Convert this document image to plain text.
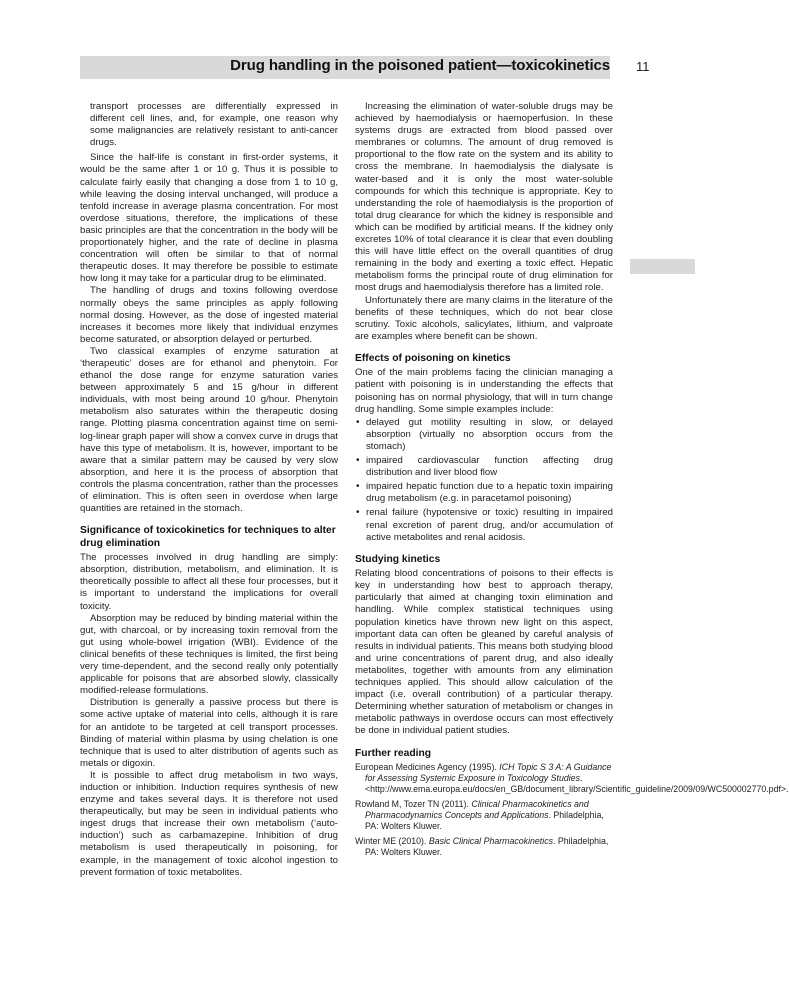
Drug handling in the poisoned patient—toxicokinetics 11

transport processes are differentially expressed in different cell lines, and, for example, one reason why some malignancies are relatively resistant to anti-cancer drugs.

Since the half-life is constant in first-order systems, it would be the same after 1 or 10 g. Thus it is possible to calculate fairly easily that changing a dose from 1 to 10 g, while leaving the dosing interval unchanged, will produce a tenfold increase in average plasma concentration. For most overdose situations, therefore, the implications of these basic principles are that the concentration in the body will be proportionately higher, and the rate of decline in plasma concentration will often be similar to that of normal therapeutic doses. It may therefore be possible to estimate how long it may take for a particular drug to be eliminated.

The handling of drugs and toxins following overdose normally obeys the same principles as apply following normal dosing. However, as the dose of ingested material increases it becomes more likely that individual enzymes become saturated, or absorption delayed or perturbed.

Two classical examples of enzyme saturation at ‘therapeutic’ doses are for ethanol and phenytoin. For ethanol the dose range for enzyme saturation varies between approximately 5 and 15 g/hour in different individuals, with most being around 10 g/hour. Phenytoin metabolism also saturates within the therapeutic dosing range. Plotting plasma concentration against time on semi-log-linear graph paper will show a convex curve in drugs that have this type of metabolism. It is, however, important to be aware that a similar pattern may be caused by very slow absorption, and here it is the process of absorption that controls the plasma concentration, rather than the processes of elimination. This is often seen in overdose when large quantities are retained in the stomach.

Significance of toxicokinetics for techniques to alter drug elimination

The processes involved in drug handling are simply: absorption, distribution, metabolism, and elimination. It is theoretically possible to affect all these four processes, but it is important to understand the implications for overall toxicity.

Absorption may be reduced by binding material within the gut, with charcoal, or by increasing toxin removal from the gut using whole-bowel irrigation (WBI). Evidence of the clinical benefits of these techniques is limited, the first being very time-dependent, and the second really only potentially applicable for poisons that are absorbed slowly, classically modified-release formulations.

Distribution is generally a passive process but there is some active uptake of material into cells, although it is rare for an antidote to be targeted at cell transport processes. Binding of material within plasma by using chelation is one technique that is used to alter distribution of agents such as metals or digoxin.

It is possible to affect drug metabolism in two ways, induction or inhibition. Induction requires synthesis of new enzyme and takes several days. It is therefore not used therapeutically, but may be seen in individual patients who ingest drugs that increase their own metabolism (‘auto-induction’) such as carbamazepine. Inhibition of drug metabolism is used therapeutically in poisoning, for example, in the management of toxic alcohol ingestion to prevent formation of toxic metabolites.

Increasing the elimination of water-soluble drugs may be achieved by haemodialysis or haemoperfusion. In these systems drugs are extracted from blood passed over membranes or columns. The amount of drug removed is proportional to the flow rate on the system and its ability to cross the membrane. In haemodialysis the dialysate is water-based and it is only the most water-soluble compounds for which this technique is appropriate. Key to understanding the role of haemodialysis is the proportion of total drug clearance for which the kidney is responsible and which can be modified by artificial means. If the kidney only excretes 10% of total clearance it is clear that even doubling this will have little effect on the overall quantities of drug remaining in the body and exerting a toxic effect. Hepatic metabolism forms the principal route of drug elimination for most drugs and haemodialysis therefore has a limited role.

Unfortunately there are many claims in the literature of the benefits of these techniques, which do not bear close scrutiny. Toxic alcohols, salicylates, lithium, and valproate are examples where benefit can be shown.

Effects of poisoning on kinetics

One of the main problems facing the clinician managing a patient with poisoning is in understanding the effects that poisoning has on normal physiology, that will in turn change drug handling. Some simple examples include:

• delayed gut motility resulting in slow, or delayed absorption (virtually no absorption occurs from the stomach)
• impaired cardiovascular function affecting drug distribution and liver blood flow
• impaired hepatic function due to a hepatic toxin impairing drug metabolism (e.g. in paracetamol poisoning)
• renal failure (hypotensive or toxic) resulting in impaired renal excretion of parent drug, and/or accumulation of active metabolites and renal acidosis.
Studying kinetics

Relating blood concentrations of poisons to their effects is key in understanding how best to approach therapy, particularly that aimed at changing toxin elimination and handling. While complex statistical techniques using population kinetics have thrown new light on this aspect, important data can often be gleaned by careful analysis of results in individual patients. This means both studying blood and urine concentrations of parent drug, and also ideally metabolites, together with amounts from any elimination techniques applied. This should allow calculation of the impact (i.e. overall contribution) of a particular therapy. Determining whether saturation of metabolism or changes in metabolic pathways in overdose occurs can most effectively be done in individual patient studies.

Further reading
European Medicines Agency (1995). ICH Topic S 3 A: A Guidance for Assessing Systemic Exposure in Toxicology Studies. <http://www.ema.europa.eu/docs/en_GB/document_library/Scientific_guideline/2009/09/WC500002770.pdf>.
Rowland M, Tozer TN (2011). Clinical Pharmacokinetics and Pharmacodynamics Concepts and Applications. Philadelphia, PA: Wolters Kluwer.
Winter ME (2010). Basic Clinical Pharmacokinetics. Philadelphia, PA: Wolters Kluwer.
